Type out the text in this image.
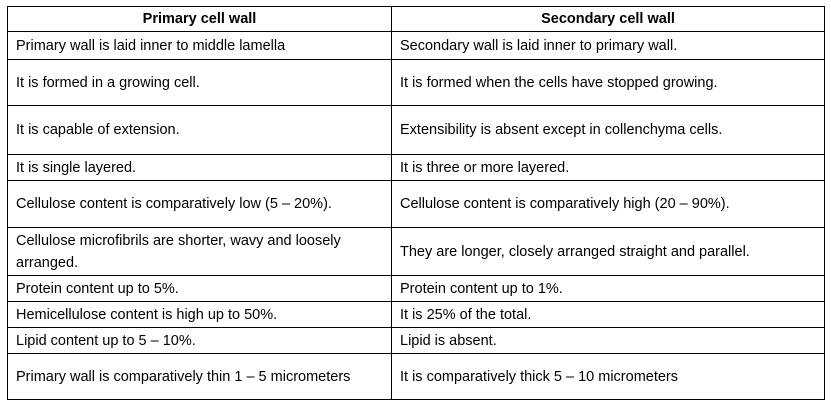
Primary cell wall	Secondary cell wall
Primary wall is laid inner to middle lamella	Secondary wall is laid inner to primary wall.
It is formed in a growing cell.	It is formed when the cells have stopped growing.
It is capable of extension.	Extensibility is absent except in collenchyma cells.
It is single layered.	It is three or more layered.
Cellulose content is comparatively low (5 – 20%).	Cellulose content is comparatively high (20 – 90%).
Cellulose microfibrils are shorter, wavy and loosely arranged.	They are longer, closely arranged straight and parallel.
Protein content up to 5%.	Protein content up to 1%.
Hemicellulose content is high up to 50%.	It is 25% of the total.
Lipid content up to 5 – 10%.	Lipid is absent.
Primary wall is comparatively thin 1 – 5 micrometers	It is comparatively thick 5 – 10 micrometers
